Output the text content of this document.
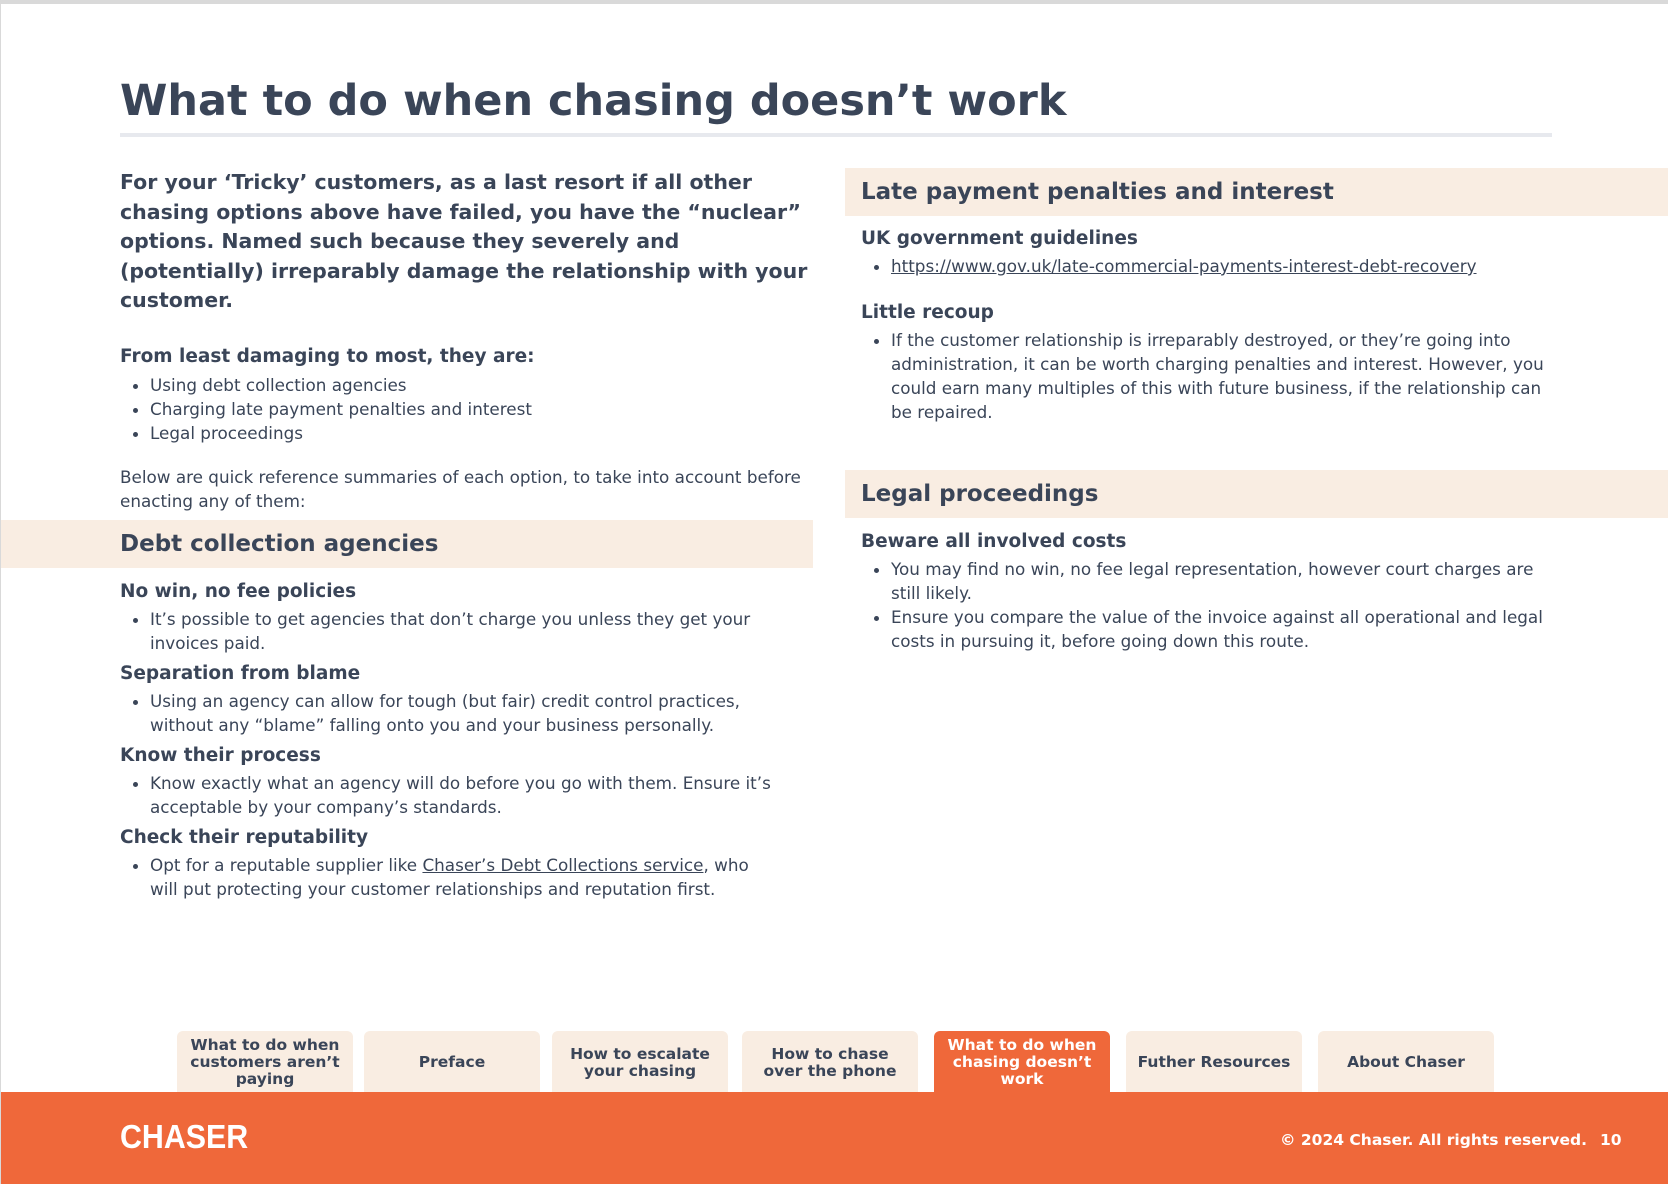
What to do when chasing doesn’t work

For your ‘Tricky’ customers, as a last resort if all other chasing options above have failed, you have the “nuclear” options. Named such because they severely and (potentially) irreparably damage the relationship with your customer.

From least damaging to most, they are:

• Using debt collection agencies
• Charging late payment penalties and interest
• Legal proceedings

Below are quick reference summaries of each option, to take into account before enacting any of them:

Debt collection agencies

No win, no fee policies

• It’s possible to get agencies that don’t charge you unless they get your invoices paid.

Separation from blame

• Using an agency can allow for tough (but fair) credit control practices, without any “blame” falling onto you and your business personally.

Know their process

• Know exactly what an agency will do before you go with them. Ensure it’s acceptable by your company’s standards.

Check their reputability

• Opt for a reputable supplier like Chaser’s Debt Collections service, who will put protecting your customer relationships and reputation first.
Late payment penalties and interest

UK government guidelines

• https://www.gov.uk/late-commercial-payments-interest-debt-recovery

Little recoup

• If the customer relationship is irreparably destroyed, or they’re going into administration, it can be worth charging penalties and interest. However, you could earn many multiples of this with future business, if the relationship can be repaired.
Legal proceedings

Beware all involved costs

• You may find no win, no fee legal representation, however court charges are still likely.
• Ensure you compare the value of the invoice against all operational and legal costs in pursuing it, before going down this route.
What to do when customers aren’t paying
Preface	How to escalate your chasing
How to chase over the phone
What to do when chasing doesn’t work
Futher Resources	About Chaser
CHASER	© 2024 Chaser. All rights reserved. 10
